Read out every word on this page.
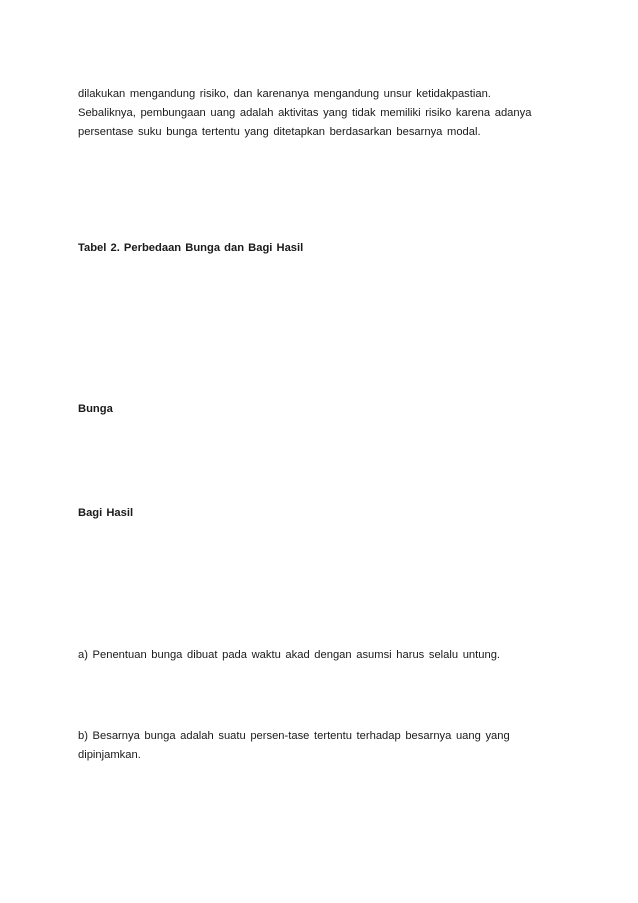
dilakukan mengandung risiko, dan karenanya mengandung unsur ketidakpastian.
Sebaliknya, pembungaan uang adalah aktivitas yang tidak memiliki risiko karena adanya
persentase suku bunga tertentu yang ditetapkan berdasarkan besarnya modal.
Tabel 2. Perbedaan Bunga dan Bagi Hasil
Bunga
Bagi Hasil
a) Penentuan bunga dibuat pada waktu akad dengan asumsi harus selalu untung.
b) Besarnya bunga adalah suatu persen-tase tertentu terhadap besarnya uang yang
dipinjamkan.
